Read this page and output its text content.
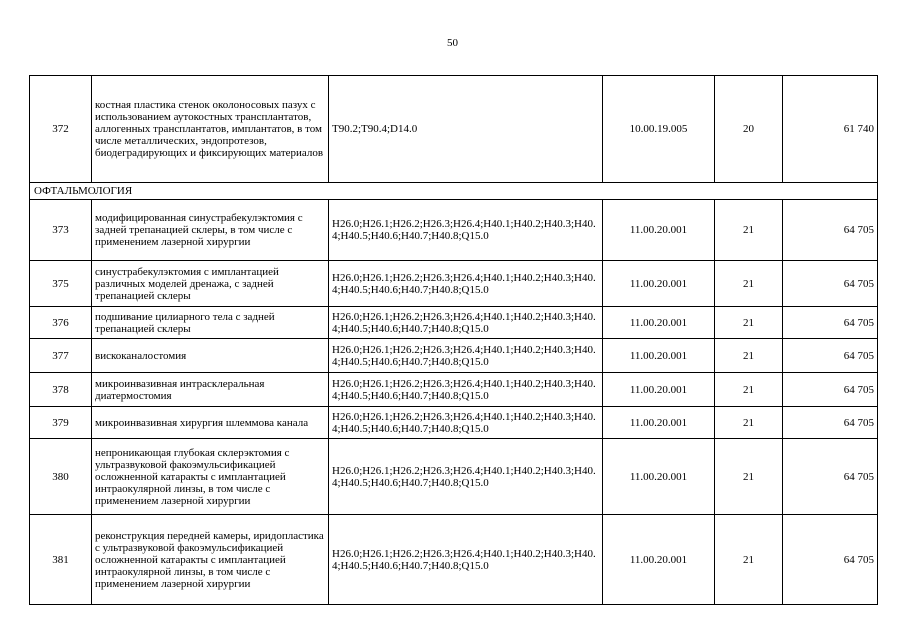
50
372	костная пластика стенок околоносовых пазух с использованием аутокостных трансплантатов, аллогенных трансплантатов, имплантатов, в том числе металлических, эндопротезов, биодеградирующих и фиксирующих материалов	T90.2;T90.4;D14.0	10.00.19.005	20	61 740
ОФТАЛЬМОЛОГИЯ					
373	модифицированная синустрабекулэктомия с задней трепанацией склеры, в том числе с применением лазерной хирургии	H26.0;H26.1;H26.2;H26.3;H26.4;H40.1;H40.2;H40.3;H40.4;H40.5;H40.6;H40.7;H40.8;Q15.0	11.00.20.001	21	64 705
375	синустрабекулэктомия с имплантацией различных моделей дренажа, с задней трепанацией склеры	H26.0;H26.1;H26.2;H26.3;H26.4;H40.1;H40.2;H40.3;H40.4;H40.5;H40.6;H40.7;H40.8;Q15.0	11.00.20.001	21	64 705
376	подшивание цилиарного тела с задней трепанацией склеры	H26.0;H26.1;H26.2;H26.3;H26.4;H40.1;H40.2;H40.3;H40.4;H40.5;H40.6;H40.7;H40.8;Q15.0	11.00.20.001	21	64 705
377	вискоканалостомия	H26.0;H26.1;H26.2;H26.3;H26.4;H40.1;H40.2;H40.3;H40.4;H40.5;H40.6;H40.7;H40.8;Q15.0	11.00.20.001	21	64 705
378	микроинвазивная интрасклеральная диатермостомия	H26.0;H26.1;H26.2;H26.3;H26.4;H40.1;H40.2;H40.3;H40.4;H40.5;H40.6;H40.7;H40.8;Q15.0	11.00.20.001	21	64 705
379	микроинвазивная хирургия шлеммова канала	H26.0;H26.1;H26.2;H26.3;H26.4;H40.1;H40.2;H40.3;H40.4;H40.5;H40.6;H40.7;H40.8;Q15.0	11.00.20.001	21	64 705
380	непроникающая глубокая склерэктомия с ультразвуковой факоэмульсификацией осложненной катаракты с имплантацией интраокулярной линзы, в том числе с применением лазерной хирургии	H26.0;H26.1;H26.2;H26.3;H26.4;H40.1;H40.2;H40.3;H40.4;H40.5;H40.6;H40.7;H40.8;Q15.0	11.00.20.001	21	64 705
381	реконструкция передней камеры, иридопластика с ультразвуковой факоэмульсификацией осложненной катаракты с имплантацией интраокулярной линзы, в том числе с применением лазерной хирургии	H26.0;H26.1;H26.2;H26.3;H26.4;H40.1;H40.2;H40.3;H40.4;H40.5;H40.6;H40.7;H40.8;Q15.0	11.00.20.001	21	64 705
